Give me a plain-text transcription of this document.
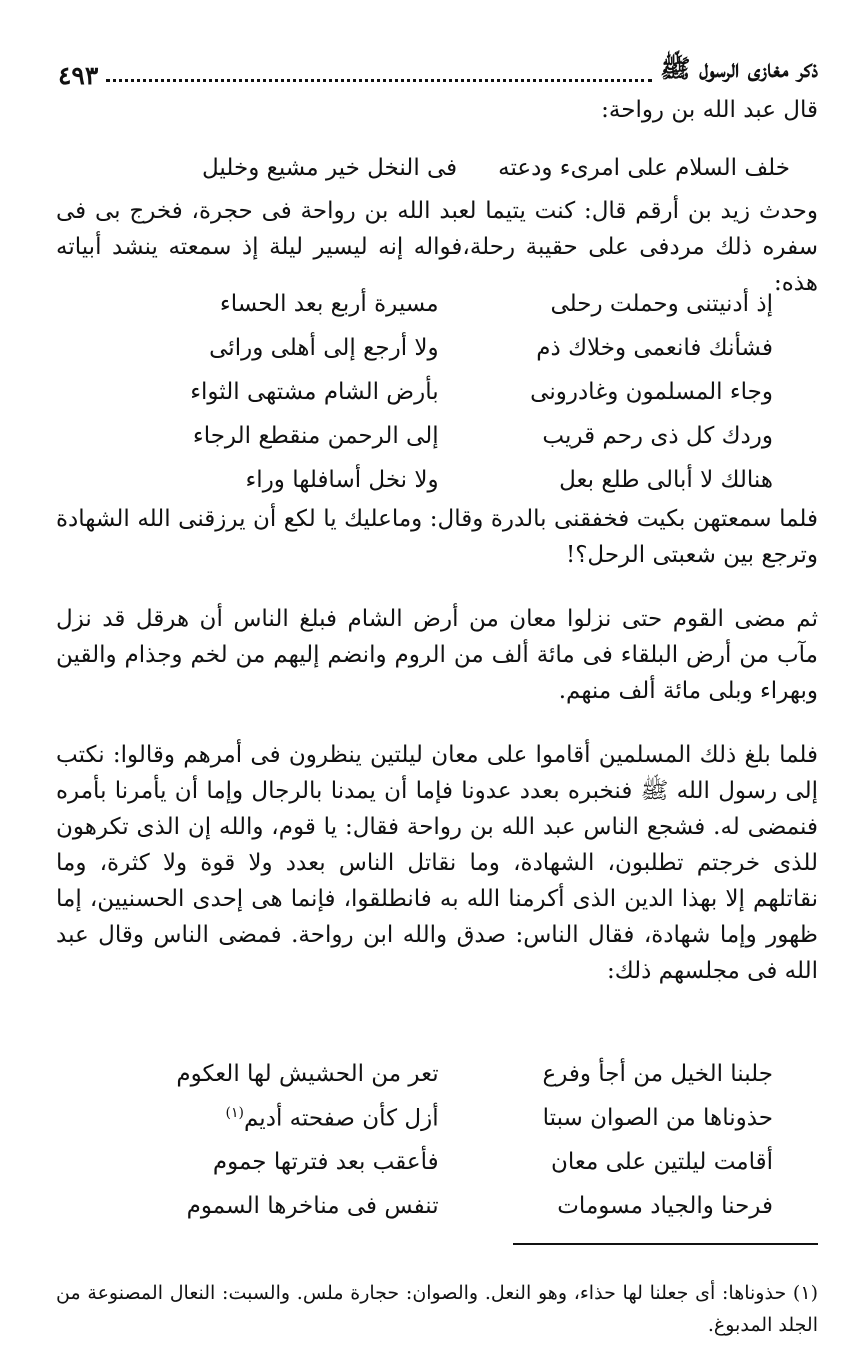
ذكر مغازى الرسول ﷺ
٤٩٣

قال عبد الله بن رواحة:

خلف السلام على امرىء ودعته
فى النخل خير مشيع وخليل

وحدث زيد بن أرقم قال: كنت يتيما لعبد الله بن رواحة فى حجرة، فخرج بى فى سفره ذلك مردفى على حقيبة رحلة،فواله إنه ليسير ليلة إذ سمعته ينشد أبياته هذه:

إذ أدنيتنى وحملت رحلى
مسيرة أربع بعد الحساء
فشأنك فانعمى وخلاك ذم
ولا أرجع إلى أهلى ورائى
وجاء المسلمون وغادرونى
بأرض الشام مشتهى الثواء
وردك كل ذى رحم قريب
إلى الرحمن منقطع الرجاء
هنالك لا أبالى طلع بعل
ولا نخل أسافلها وراء

فلما سمعتهن بكيت فخفقنى بالدرة وقال: وماعليك يا لكع أن يرزقنى الله الشهادة وترجع بين شعبتى الرحل؟!

ثم مضى القوم حتى نزلوا معان من أرض الشام فبلغ الناس أن هرقل قد نزل مآب من أرض البلقاء فى مائة ألف من الروم وانضم إليهم من لخم وجذام والقين وبهراء وبلى مائة ألف منهم.

فلما بلغ ذلك المسلمين أقاموا على معان ليلتين ينظرون فى أمرهم وقالوا: نكتب إلى رسول الله ﷺ فنخبره بعدد عدونا فإما أن يمدنا بالرجال وإما أن يأمرنا بأمره فنمضى له. فشجع الناس عبد الله بن رواحة فقال: يا قوم، والله إن الذى تكرهون للذى خرجتم تطلبون، الشهادة، وما نقاتل الناس بعدد ولا قوة ولا كثرة، وما نقاتلهم إلا بهذا الدين الذى أكرمنا الله به فانطلقوا، فإنما هى إحدى الحسنيين، إما ظهور وإما شهادة، فقال الناس: صدق والله ابن رواحة. فمضى الناس وقال عبد الله فى مجلسهم ذلك:

جلبنا الخيل من أجأ وفرع
تعر من الحشيش لها العكوم
حذوناها من الصوان سبتا
أزل كأن صفحته أديم$^{(١)}$
أقامت ليلتين على معان
فأعقب بعد فترتها جموم
فرحنا والجياد مسومات
تنفس فى مناخرها السموم

(١) حذوناها: أى جعلنا لها حذاء، وهو النعل. والصوان: حجارة ملس. والسبت: النعال المصنوعة من الجلد المدبوغ.
